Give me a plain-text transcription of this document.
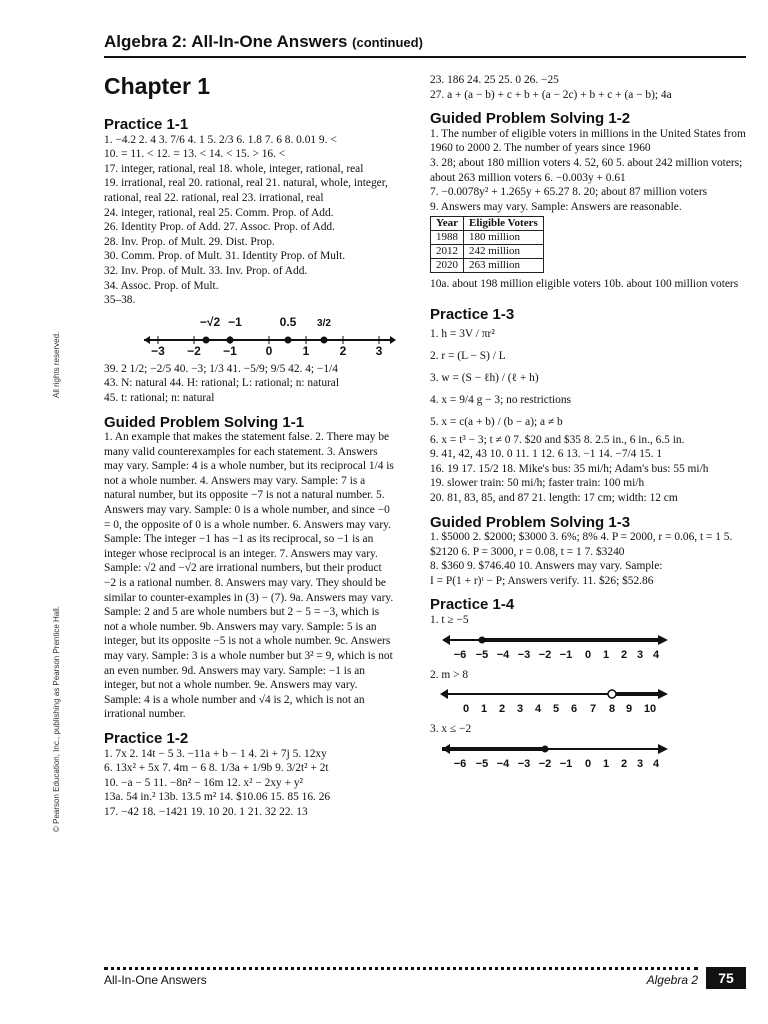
Algebra 2: All-In-One Answers (continued)
Chapter 1
All rights reserved.
© Pearson Education, Inc., publishing as Pearson Prentice Hall.

Practice 1-1

1. −4.2 2. 4 3. 7/6 4. 1 5. 2/3 6. 1.8 7. 6 8. 0.01 9. <

10. = 11. < 12. = 13. < 14. < 15. > 16. <

17. integer, rational, real 18. whole, integer, rational, real

19. irrational, real 20. rational, real 21. natural, whole, integer, rational, real 22. rational, real 23. irrational, real

24. integer, rational, real 25. Comm. Prop. of Add.

26. Identity Prop. of Add. 27. Assoc. Prop. of Add.

28. Inv. Prop. of Mult. 29. Dist. Prop.

30. Comm. Prop. of Mult. 31. Identity Prop. of Mult.

32. Inv. Prop. of Mult. 33. Inv. Prop. of Add.

34. Assoc. Prop. of Mult.

35–38.

−3 −2 −1 0	1	2 3
−√2 −1	0.5 3/2

39. 2 1/2; −2/5 40. −3; 1/3 41. −5/9; 9/5 42. 4; −1/4

43. N: natural 44. H: rational; L: rational; n: natural

45. t: rational; n: natural

Guided Problem Solving 1-1

1. An example that makes the statement false. 2. There may be many valid counterexamples for each statement. 3. Answers may vary. Sample: 4 is a whole number, but its reciprocal 1/4 is not a whole number. 4. Answers may vary. Sample: 7 is a natural number, but its opposite −7 is not a natural number. 5. Answers may vary. Sample: 0 is a whole number, and since −0 = 0, the opposite of 0 is a whole number. 6. Answers may vary. Sample: The integer −1 has −1 as its reciprocal, so −1 is an integer whose reciprocal is an integer. 7. Answers may vary. Sample: √2 and −√2 are irrational numbers, but their product −2 is a rational number. 8. Answers may vary. They should be similar to counter-examples in (3) − (7). 9a. Answers may vary. Sample: 2 and 5 are whole numbers but 2 − 5 = −3, which is not a whole number. 9b. Answers may vary. Sample: 5 is an integer, but its opposite −5 is not a whole number. 9c. Answers may vary. Sample: 3 is a whole number but 3² = 9, which is not an even number. 9d. Answers may vary. Sample: −1 is an integer, but not a whole number. 9e. Answers may vary. Sample: 4 is a whole number and √4 is 2, which is not an irrational number.

Practice 1-2

1. 7x 2. 14t − 5 3. −11a + b − 1 4. 2i + 7j 5. 12xy

6. 13x² + 5x 7. 4m − 6 8. 1/3a + 1/9b 9. 3/2t² + 2t

10. −a − 5 11. −8n² − 16m 12. x² − 2xy + y²

13a. 54 in.² 13b. 13.5 m² 14. $10.06 15. 85 16. 26

17. −42 18. −1421 19. 10 20. 1 21. 32 22. 13

23. 186 24. 25 25. 0 26. −25

27. a + (a − b) + c + b + (a − 2c) + b + c + (a − b); 4a

Guided Problem Solving 1-2

1. The number of eligible voters in millions in the United States from 1960 to 2000 2. The number of years since 1960

3. 28; about 180 million voters 4. 52, 60 5. about 242 million voters; about 263 million voters 6. −0.003y + 0.61

7. −0.0078y² + 1.265y + 65.27 8. 20; about 87 million voters

9. Answers may vary. Sample: Answers are reasonable.

Year	Eligible Voters
1988	180 million
2012	242 million
2020	263 million

10a. about 198 million eligible voters 10b. about 100 million voters

Practice 1-3

1. h = 3V / πr²

2. r = (L − S) / L

3. w = (S − ℓh) / (ℓ + h)

4. x = 9/4 g − 3; no restrictions

5. x = c(a + b) / (b − a); a ≠ b

6. x = t³ − 3; t ≠ 0 7. $20 and $35 8. 2.5 in., 6 in., 6.5 in.

9. 41, 42, 43 10. 0 11. 1 12. 6 13. −1 14. −7/4 15. 1

16. 19 17. 15/2 18. Mike's bus: 35 mi/h; Adam's bus: 55 mi/h

19. slower train: 50 mi/h; faster train: 100 mi/h

20. 81, 83, 85, and 87 21. length: 17 cm; width: 12 cm

Guided Problem Solving 1-3

1. $5000 2. $2000; $3000 3. 6%; 8% 4. P = 2000, r = 0.06, t = 1 5. $2120 6. P = 3000, r = 0.08, t = 1 7. $3240

8. $360 9. $746.40 10. Answers may vary. Sample:

I = P(1 + r)ᵗ − P; Answers verify. 11. $26; $52.86

Practice 1-4

1. t ≥ −5

−6 −5 −4 −3 −2 −1 0 1 2 3 4

2. m > 8

0 1 2 3 4 5 6 7 8 9 10

3. x ≤ −2

−6 −5 −4 −3 −2 −1 0 1 2 3 4
All-In-One Answers	Algebra 2	75
